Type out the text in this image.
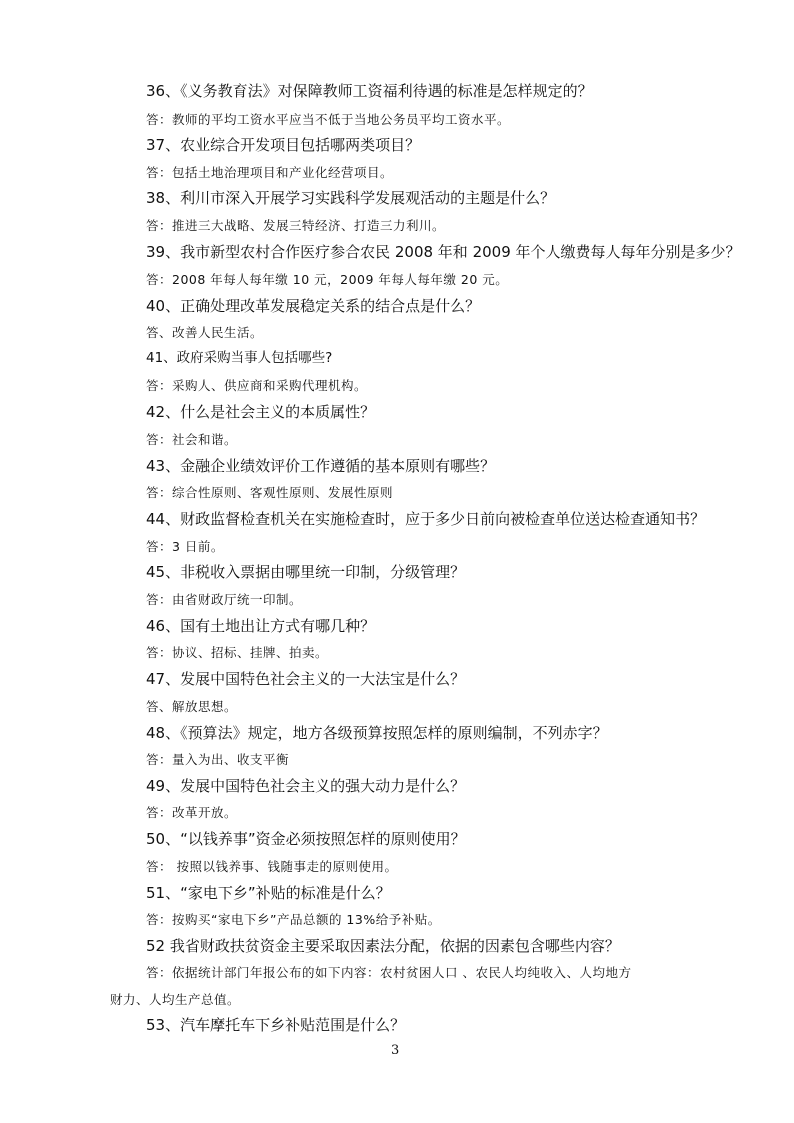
36、《义务教育法》对保障教师工资福利待遇的标准是怎样规定的？
答：教师的平均工资水平应当不低于当地公务员平均工资水平。
37、农业综合开发项目包括哪两类项目？
答：包括土地治理项目和产业化经营项目。
38、利川市深入开展学习实践科学发展观活动的主题是什么？
答：推进三大战略、发展三特经济、打造三力利川。
39、我市新型农村合作医疗参合农民 2008 年和 2009 年个人缴费每人每年分别是多少？
答：2008 年每人每年缴 10 元，2009 年每人每年缴 20 元。
40、正确处理改革发展稳定关系的结合点是什么？
答、改善人民生活。
41、政府采购当事人包括哪些?
答：采购人、供应商和采购代理机构。
42、什么是社会主义的本质属性？
答：社会和谐。
43、金融企业绩效评价工作遵循的基本原则有哪些？
答：综合性原则、客观性原则、发展性原则
44、财政监督检查机关在实施检查时，应于多少日前向被检查单位送达检查通知书？
答：3 日前。
45、非税收入票据由哪里统一印制，分级管理？
答：由省财政厅统一印制。
46、国有土地出让方式有哪几种？
答：协议、招标、挂牌、拍卖。
47、发展中国特色社会主义的一大法宝是什么？
答、解放思想。
48、《预算法》规定，地方各级预算按照怎样的原则编制，不列赤字？
答：量入为出、收支平衡
49、发展中国特色社会主义的强大动力是什么？
答：改革开放。
50、“以钱养事”资金必须按照怎样的原则使用？
答： 按照以钱养事、钱随事走的原则使用。
51、“家电下乡”补贴的标准是什么？
答：按购买“家电下乡”产品总额的 13%给予补贴。
52 我省财政扶贫资金主要采取因素法分配，依据的因素包含哪些内容？
答：依据统计部门年报公布的如下内容：农村贫困人口 、农民人均纯收入、人均地方
财力、人均生产总值。
53、汽车摩托车下乡补贴范围是什么？
3
